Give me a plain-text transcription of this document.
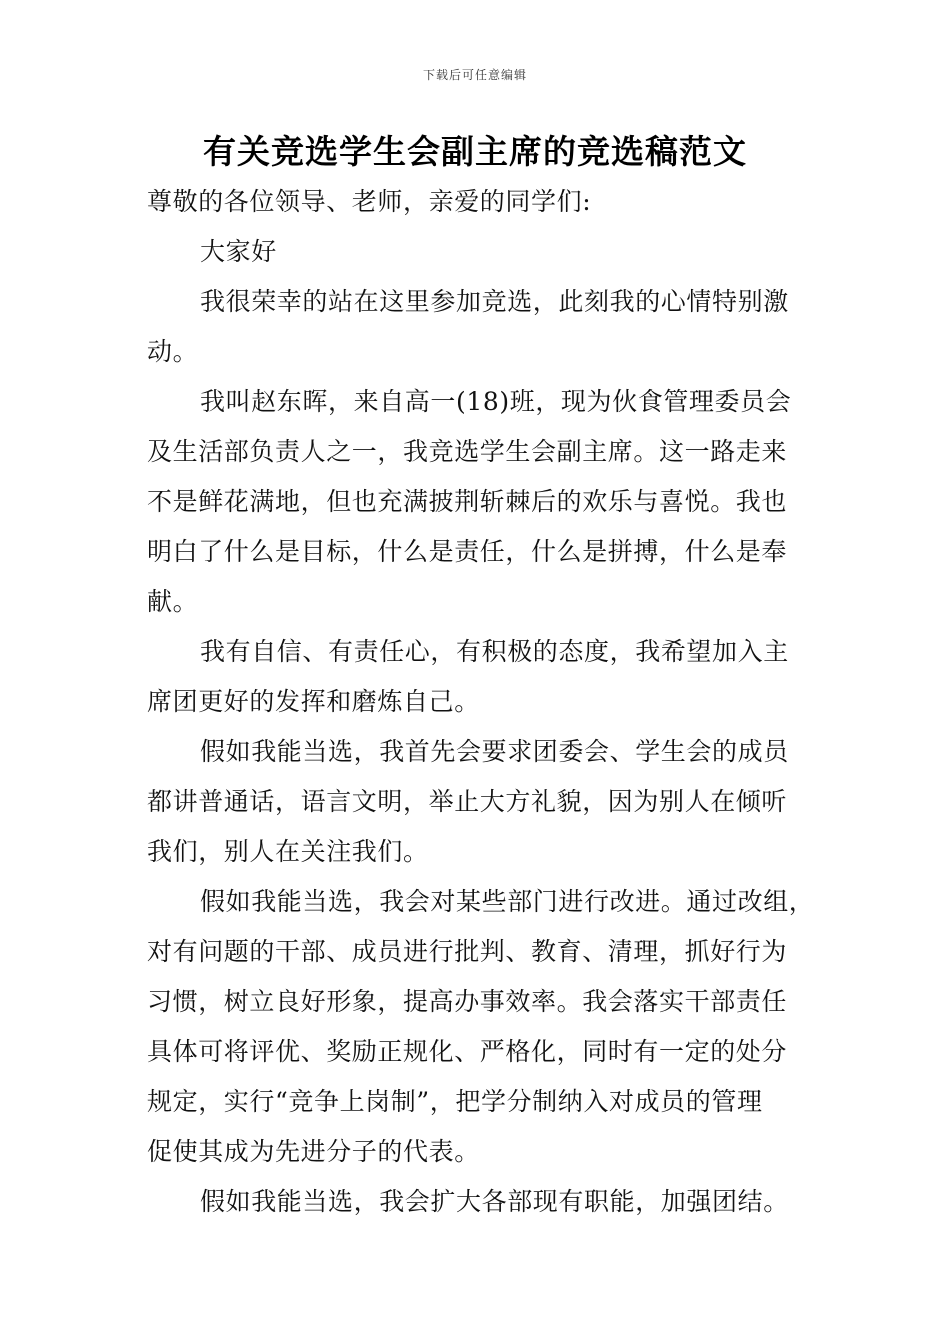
下载后可任意编辑
有关竞选学生会副主席的竞选稿范文
尊敬的各位领导、老师，亲爱的同学们:
大家好
我很荣幸的站在这里参加竞选，此刻我的心情特别激
动。
我叫赵东晖，来自高一(18)班，现为伙食管理委员会
及生活部负责人之一，我竞选学生会副主席。这一路走来
不是鲜花满地，但也充满披荆斩棘后的欢乐与喜悦。我也
明白了什么是目标，什么是责任，什么是拼搏，什么是奉
献。
我有自信、有责任心，有积极的态度，我希望加入主
席团更好的发挥和磨炼自己。
假如我能当选，我首先会要求团委会、学生会的成员
都讲普通话，语言文明，举止大方礼貌，因为别人在倾听
我们，别人在关注我们。
假如我能当选，我会对某些部门进行改进。通过改组，
对有问题的干部、成员进行批判、教育、清理，抓好行为
习惯，树立良好形象，提高办事效率。我会落实干部责任
具体可将评优、奖励正规化、严格化，同时有一定的处分
规定，实行“竞争上岗制”，把学分制纳入对成员的管理
促使其成为先进分子的代表。
假如我能当选，我会扩大各部现有职能，加强团结。
